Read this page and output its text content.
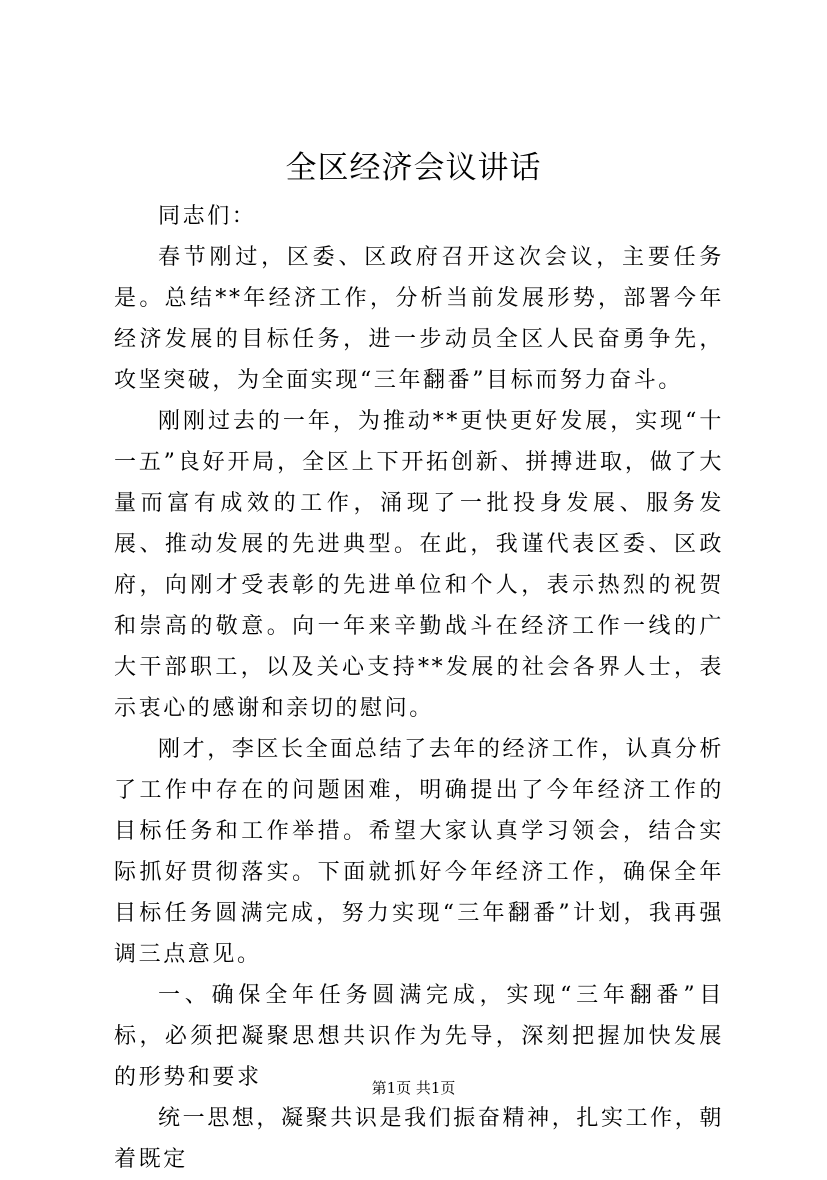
全区经济会议讲话

同志们：

春节刚过，区委、区政府召开这次会议，主要任务是。总结**年经济工作，分析当前发展形势，部署今年经济发展的目标任务，进一步动员全区人民奋勇争先，攻坚突破，为全面实现“三年翻番”目标而努力奋斗。

刚刚过去的一年，为推动**更快更好发展，实现“十一五”良好开局，全区上下开拓创新、拼搏进取，做了大量而富有成效的工作，涌现了一批投身发展、服务发展、推动发展的先进典型。在此，我谨代表区委、区政府，向刚才受表彰的先进单位和个人，表示热烈的祝贺和崇高的敬意。向一年来辛勤战斗在经济工作一线的广大干部职工，以及关心支持**发展的社会各界人士，表示衷心的感谢和亲切的慰问。

刚才，李区长全面总结了去年的经济工作，认真分析了工作中存在的问题困难，明确提出了今年经济工作的目标任务和工作举措。希望大家认真学习领会，结合实际抓好贯彻落实。下面就抓好今年经济工作，确保全年目标任务圆满完成，努力实现“三年翻番”计划，我再强调三点意见。

一、确保全年任务圆满完成，实现“三年翻番”目标，必须把凝聚思想共识作为先导，深刻把握加快发展的形势和要求

统一思想，凝聚共识是我们振奋精神，扎实工作，朝着既定

第1页 共1页
